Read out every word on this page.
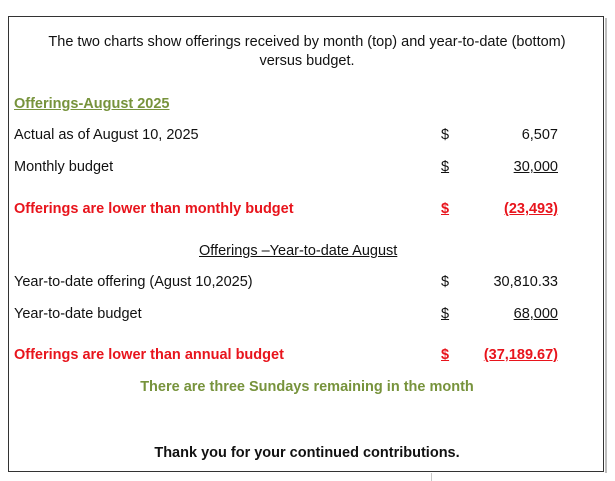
The two charts show offerings received by month (top) and year-to-date (bottom)
versus budget.
Offerings-August 2025
Actual as of August 10, 2025	$	6,507
Monthly budget	$	30,000
Offerings are lower than monthly budget	$	(23,493)
Offerings –Year-to-date August
Year-to-date offering (Agust 10,2025)	$	30,810.33
Year-to-date budget	$	68,000
Offerings are lower than annual budget	$ (37,189.67)
There are three Sundays remaining in the month
Thank you for your continued contributions.
